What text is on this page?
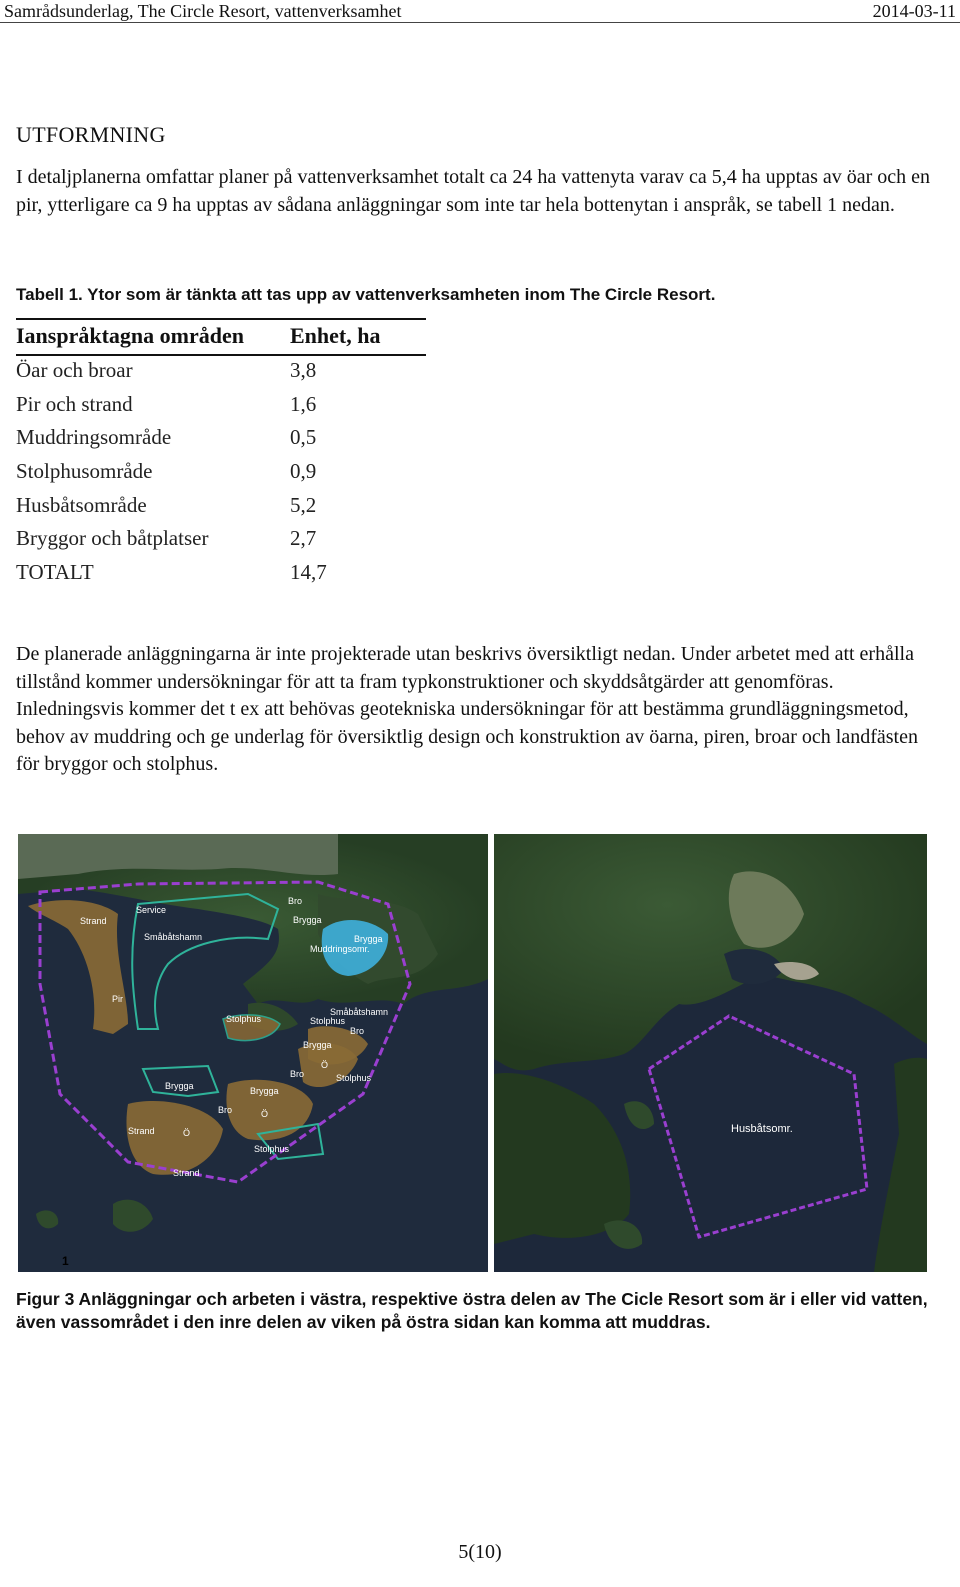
Samrådsunderlag, The Circle Resort, vattenverksamhet	2014-03-11
UTFORMNING

I detaljplanerna omfattar planer på vattenverksamhet totalt ca 24 ha vattenyta varav ca 5,4 ha upptas av öar och en pir, ytterligare ca 9 ha upptas av sådana anläggningar som inte tar hela bottenytan i anspråk, se tabell 1 nedan.

Tabell 1. Ytor som är tänkta att tas upp av vattenverksamheten inom The Circle Resort.
Ianspråktagna områden Enhet, ha
Öar och broar	3,8
Pir och strand	1,6
Muddringsområde	0,5
Stolphusområde	0,9
Husbåtsområde	5,2
Bryggor och båtplatser	2,7
TOTALT	14,7

De planerade anläggningarna är inte projekterade utan beskrivs översiktligt nedan. Under arbetet med att erhålla tillstånd kommer undersökningar för att ta fram typkonstruktioner och skyddsåtgärder att genomföras. Inledningsvis kommer det t ex att behövas geotekniska undersökningar för att bestämma grundläggningsmetod, behov av muddring och ge underlag för översiktlig design och konstruktion av öarna, piren, broar och landfästen för bryggor och stolphus.

Strand
Service
Bro
Brygga
Småbåtshamn
Muddringsomr.
Brygga
Pir
Stolphus
Småbåtshamn
Stolphus
Bro
Brygga
Ö
Bro	Stolphus
Brygga	Brygga
Bro	Ö
Strand	Ö
Stolphus
Strand
1
Husbåtsomr.

Figur 3 Anläggningar och arbeten i västra, respektive östra delen av The Cicle Resort som är i eller vid vatten, även vassområdet i den inre delen av viken på östra sidan kan komma att muddras.

5(10)
